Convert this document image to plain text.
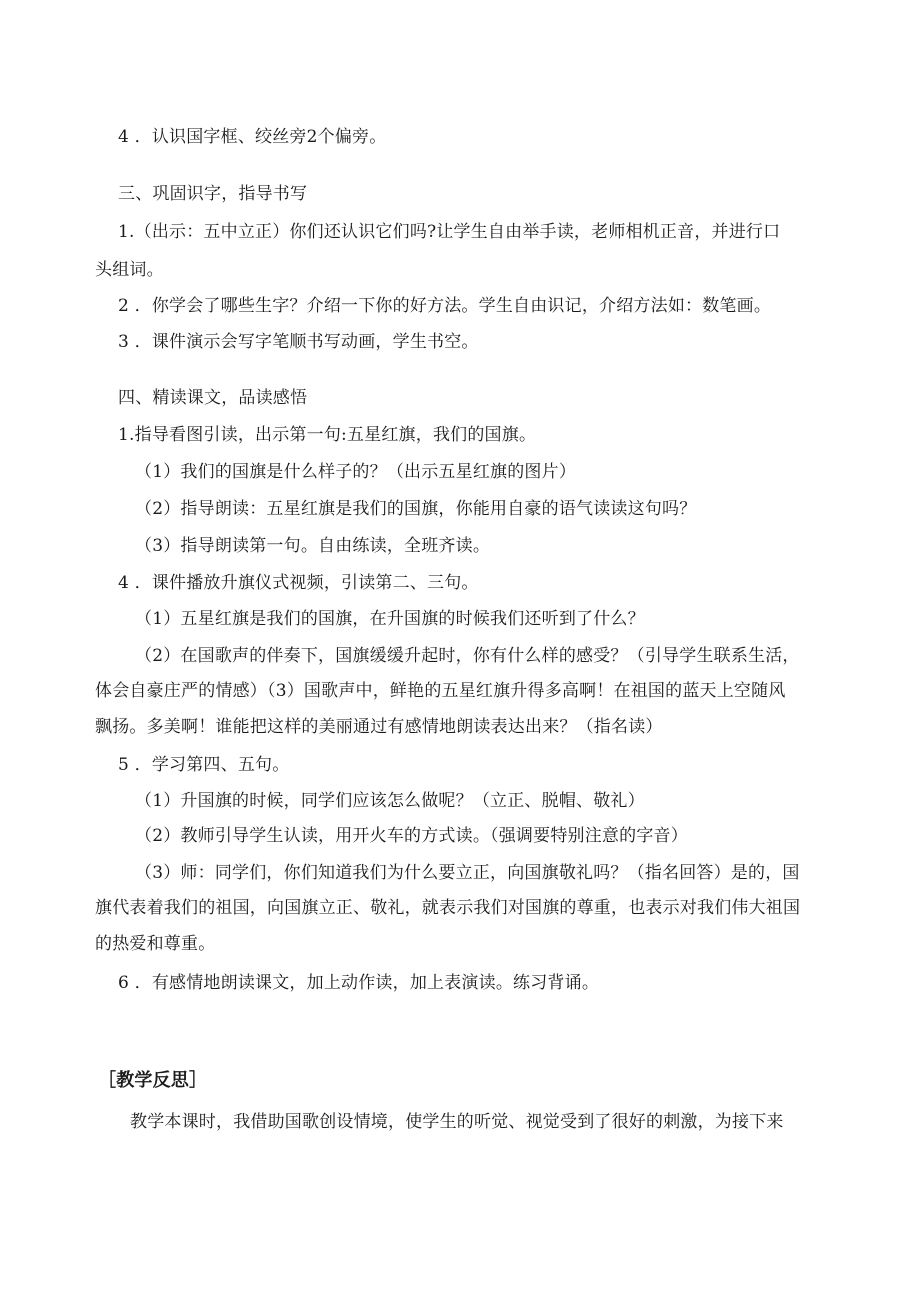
4 ．认识国字框、绞丝旁2个偏旁。
三、巩固识字，指导书写
1.（出示：五中立正）你们还认识它们吗?让学生自由举手读，老师相机正音，并进行口
头组词。
2 ．你学会了哪些生字？介绍一下你的好方法。学生自由识记，介绍方法如：数笔画。
3 ．课件演示会写字笔顺书写动画，学生书空。
四、精读课文，品读感悟
1.指导看图引读，出示第一句:五星红旗，我们的国旗。
（1）我们的国旗是什么样子的？（出示五星红旗的图片）
（2）指导朗读：五星红旗是我们的国旗，你能用自豪的语气读读这句吗？
（3）指导朗读第一句。自由练读，全班齐读。
4 ．课件播放升旗仪式视频，引读第二、三句。
（1）五星红旗是我们的国旗，在升国旗的时候我们还听到了什么？
（2）在国歌声的伴奏下，国旗缓缓升起时，你有什么样的感受？（引导学生联系生活，
体会自豪庄严的情感）（3）国歌声中，鲜艳的五星红旗升得多高啊！在祖国的蓝天上空随风
飘扬。多美啊！谁能把这样的美丽通过有感情地朗读表达出来？（指名读）
5 ．学习第四、五句。
（1）升国旗的时候，同学们应该怎么做呢？（立正、脱帽、敬礼）
（2）教师引导学生认读，用开火车的方式读。（强调要特别注意的字音）
（3）师：同学们，你们知道我们为什么要立正，向国旗敬礼吗？（指名回答）是的，国
旗代表着我们的祖国，向国旗立正、敬礼，就表示我们对国旗的尊重，也表示对我们伟大祖国
的热爱和尊重。
6 ．有感情地朗读课文，加上动作读，加上表演读。练习背诵。
［教学反思］
教学本课时，我借助国歌创设情境，使学生的听觉、视觉受到了很好的刺激，为接下来
